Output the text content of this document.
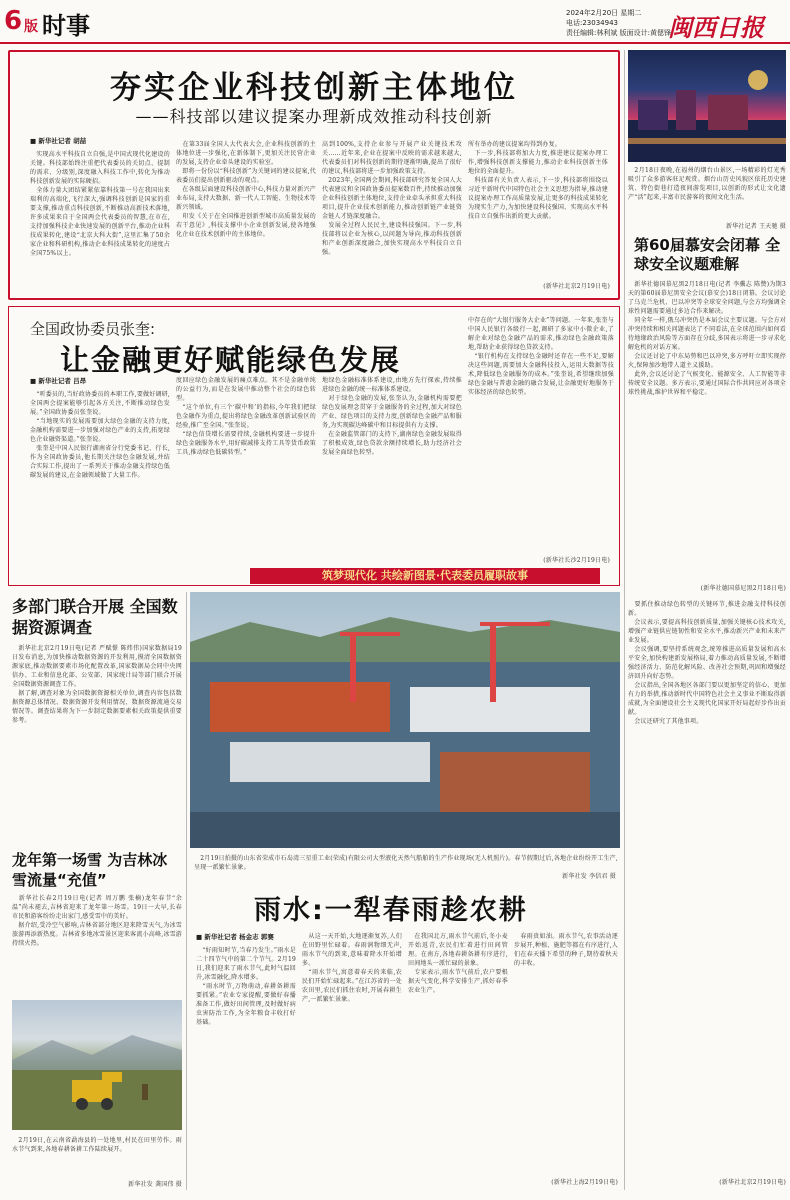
6 版 时事	2024年2月20日 星期二
电话:23034943
责任编辑:林利斌 版面设计:黄偲锋
闽西日报
夯实企业科技创新主体地位
——科技部以建议提案办理新成效推动科技创新
■ 新华社记者 胡喆
　实现高水平科技自立自强,是中国式现代化建设的关键。科技部始终注重把代表委员的关切点、提制的需求、分级别,深度融入科技工作中,转化为推动科技创新发展的实际硬招。
　全体力量大团结紧紧依靠科技第一号在我国出来瑞利的高端化,飞行深大,强调科技创新是国家的重要支撑,推动重点科技创新,不断推动高新技术落地,许多成果来自于全国两会代表委员的智慧,在市在,支持加强科技企业快速发展的创新平台,推动企业科技成果转化,建设“北京大科大街”,这里汇集了50余家企业和科研机构,推动企业科技成果转化的速度占全国75%以上。
　在第33届全国人大代表大会,企业科技创新的主体地位进一步强化,在新体制下,更加关注民营企业的发展,支持企业牵头建设的实验室。
　即将一份份以“科技创新”为关键词的建议提案,代表委员们提出创新驱动的观点。
　在各级层面建设科技创新中心,科技力量对新兴产业布局,支持大数据、新一代人工智能、生物技术等新兴领域。
　印发《关于在全国推进创新型城市高质量发展的若干意见》,科技支撑中小企业创新发展,使各地强化企业在技术创新中的主体地位。
高到100%,支持企业参与开展产业关键技术攻关……近年来,企业在提案中反映的需求越来越大,代表委员们对科技创新的期待逐渐明确,提出了很好的建议,科技部将进一步加强政策支持。
　2023年,全国两会期间,科技部研究答复全国人大代表建议和全国政协委员提案数百件,持续推动加强企业科技创新主体地位,支持企业牵头承担重大科技项目,提升企业技术创新能力,推动创新链产业链资金链人才链深度融合。
　发展全过程人民民主,建设科技强国。下一步,科技部将以企业为核心,以问题为导向,推动科技创新和产业创新深度融合,加快实现高水平科技自立自强。
所有举办的建议提案均得到办复。
　下一步,科技部将加大力度,推进建议提案办理工作,增强科技创新支撑能力,推动企业科技创新主体地位的全面提升。
　科技部有关负责人表示,下一步,科技部将围绕以习近平新时代中国特色社会主义思想为指导,推动建议提案办理工作高质量发展,让更多的科技成果转化为现实生产力,为加快建设科技强国、实现高水平科技自立自强作出新的更大贡献。
(新华社北京2月19日电)
全国政协委员张奎:
让金融更好赋能绿色发展
■ 新华社记者 吕昂
　“听委员的,当好政协委员的本职工作,要做好调研,全国两会提案能够引起各方关注,不断推动绿色发展。”全国政协委员张奎说。
　“当地现实的发展需要加大绿色金融的支持力度,金融机构需要进一步加强对绿色产业的支持,拓宽绿色企业融资渠道。”张奎说。
　张奎是中国人民银行湖南省分行党委书记、行长,作为全国政协委员,他长期关注绿色金融发展,并结合实际工作,提出了一系列关于推动金融支持绿色低碳发展的建议,在金融领域做了大量工作。
度回应绿色金融发展的痛点难点。其不是金融单纯的公益行为,而是在发展中推动整个社会的绿色转型。
　“这个单位,有三个‘碳中和’的指标,今年我们把绿色金融作为重点,提出将绿色金融改革创新试验区的经验,推广至全国。”张奎说。
　“绿色信贷增长需要持续,金融机构要进一步提升绿色金融服务水平,用好碳减排支持工具等货币政策工具,推动绿色低碳转型。”
地绿色金融标准体系建设,由地方先行探索,持续推进绿色金融的统一标准体系建设。
　对于绿色金融的发展,张奎认为,金融机构需要把绿色发展理念贯穿于金融服务的全过程,加大对绿色产业、绿色项目的支持力度,创新绿色金融产品和服务,为实现碳达峰碳中和目标提供有力支撑。
　在金融监管部门的支持下,湖南绿色金融发展取得了积极成效,绿色贷款余额持续增长,助力经济社会发展全面绿色转型。
中存在的“大银行服务大企业”等问题。一年来,张奎与中国人民银行各级行一起,调研了多家中小微企业,了解企业对绿色金融产品的需求,推动绿色金融政策落地,帮助企业获得绿色贷款支持。
　“银行机构在支持绿色金融时还存在一些不足,要解决这些问题,需要加大金融科技投入,运用大数据等技术,降低绿色金融服务的成本。”张奎说,希望继续加强绿色金融与普惠金融的融合发展,让金融更好地服务于实体经济的绿色转型。
(新华社长沙2月19日电)
筑梦现代化 共绘新图景·代表委员履职故事
　2月18日夜晚,在福州的烟台山景区,一场精彩的灯光秀吸引了众多游客驻足观赏。烟台山历史风貌区依托历史建筑、特色街巷打造夜间游览项目,以创新的形式让文化遗产“活”起来,丰富市民游客的夜间文化生活。
新华社记者 王天驰 摄
第60届慕安会闭幕 全球安全议题难解
　新华社德国慕尼黑2月18日电(记者 李骥志 陈赞)为期3天的第60届慕尼黑安全会议(慕安会)18日闭幕。会议讨论了乌克兰危机、巴以冲突等全球安全问题,与会方均强调全球性问题需要通过多边合作来解决。
　同全年一样,俄乌冲突仍是本届会议主要议题。与会方对冲突持续和相关问题表达了不同看法,在全球范围内如何看待地缘政治风险等方面存在分歧,多国表示将进一步寻求化解危机的对话方案。
　会议还讨论了中东局势和巴以冲突,多方呼吁立即实现停火,保障加沙地带人道主义援助。
　此外,会议还讨论了气候变化、能源安全、人工智能等非传统安全议题。多方表示,要通过国际合作共同应对各项全球性挑战,维护世界和平稳定。
(新华社德国慕尼黑2月18日电)
　要抓住推动绿色转型的关键环节,推进金融支持科技创新。
　会议表示,要提高科技创新质量,加强关键核心技术攻关,增强产业链供应链韧性和安全水平,推动新兴产业和未来产业发展。
　会议强调,要坚持系统观念,统筹推进高质量发展和高水平安全,加快构建新发展格局,着力推动高质量发展,不断增强经济活力、防范化解风险、改善社会预期,巩固和增强经济回升向好态势。
　会议指出,全国各地区各部门要以更加坚定的信心、更加有力的举措,推动新时代中国特色社会主义事业不断取得新成就,为全面建设社会主义现代化国家开好局起好步作出贡献。
　会议还研究了其他事项。
(新华社北京2月19日电)
多部门联合开展 全国数据资源调查
　新华社北京2月19日电(记者 严赋憬 陈炜伟)国家数据局19日发布消息,为加快推动数据资源的开发利用,摸清全国数据资源家底,推动数据要素市场化配置改革,国家数据局会同中央网信办、工业和信息化部、公安部、国家统计局等部门联合开展全国数据资源调查工作。
　据了解,调查对象为全国数据资源相关单位,调查内容包括数据资源总体情况、数据资源开发利用情况、数据资源流通交易情况等。调查结果将为下一步制定数据要素相关政策提供重要参考。
龙年第一场雪 为吉林冰雪流量“充值”
　新华社长春2月19日电(记者 周万鹏 张楠)龙年春节“余温”尚未褪去,吉林省迎来了龙年第一场雪。19日一大早,长春市民和游客纷纷走出家门,感受雪中的美好。
　据介绍,受冷空气影响,吉林省部分地区迎来降雪天气,为冰雪旅游再添新热度。吉林省多地冰雪景区迎来客流小高峰,冰雪游持续火热。
　2月19日,在云南省勐海县的一处地里,村民在田里劳作。雨水节气到来,各地春耕备耕工作陆续展开。
新华社发 龚国伟 摄
　2月19日拍摄的山东省荣成市石岛湾三星重工业(荣成)有限公司大型液化天然气船舶的生产作业现场(无人机照片)。春节假期过后,各地企业纷纷开工生产,呈现一派繁忙景象。
新华社发 李信君 摄
雨水:一犁春雨趁农耕
■ 新华社记者 杨金志 郭赛
　“好雨知时节,当春乃发生。”雨水是二十四节气中的第二个节气。2月19日,我们迎来了雨水节气,此时气温回升,冰雪融化,降水增多。
　“雨水时节,万物萌动,春耕备耕需要抓紧。”农业专家提醒,要做好春播准备工作,做好田间管理,及时做好病虫害防治工作,为全年粮食丰收打好基础。
　从这一天开始,大地逐渐复苏,人们在田野里忙碌着。春雨润物细无声,雨水节气的到来,意味着降水开始增多。
　“雨水节气,寓意着春天的来临,农民们开始忙碌起来。”在江苏省的一处农田里,农民们抓住农时,开展春耕生产,一派繁忙景象。
　在我国北方,雨水节气前后,冬小麦开始返青,农民们忙着进行田间管理。在南方,各地春耕备耕有序进行,田间地头一派忙碌的景象。
　专家表示,雨水节气前后,农户要根据天气变化,科学安排生产,抓好春季农业生产。
　春雨贵如油。雨水节气,农事活动逐步展开,种植、施肥等都在有序进行,人们在春天播下希望的种子,期待着秋天的丰收。
(新华社上海2月19日电)
